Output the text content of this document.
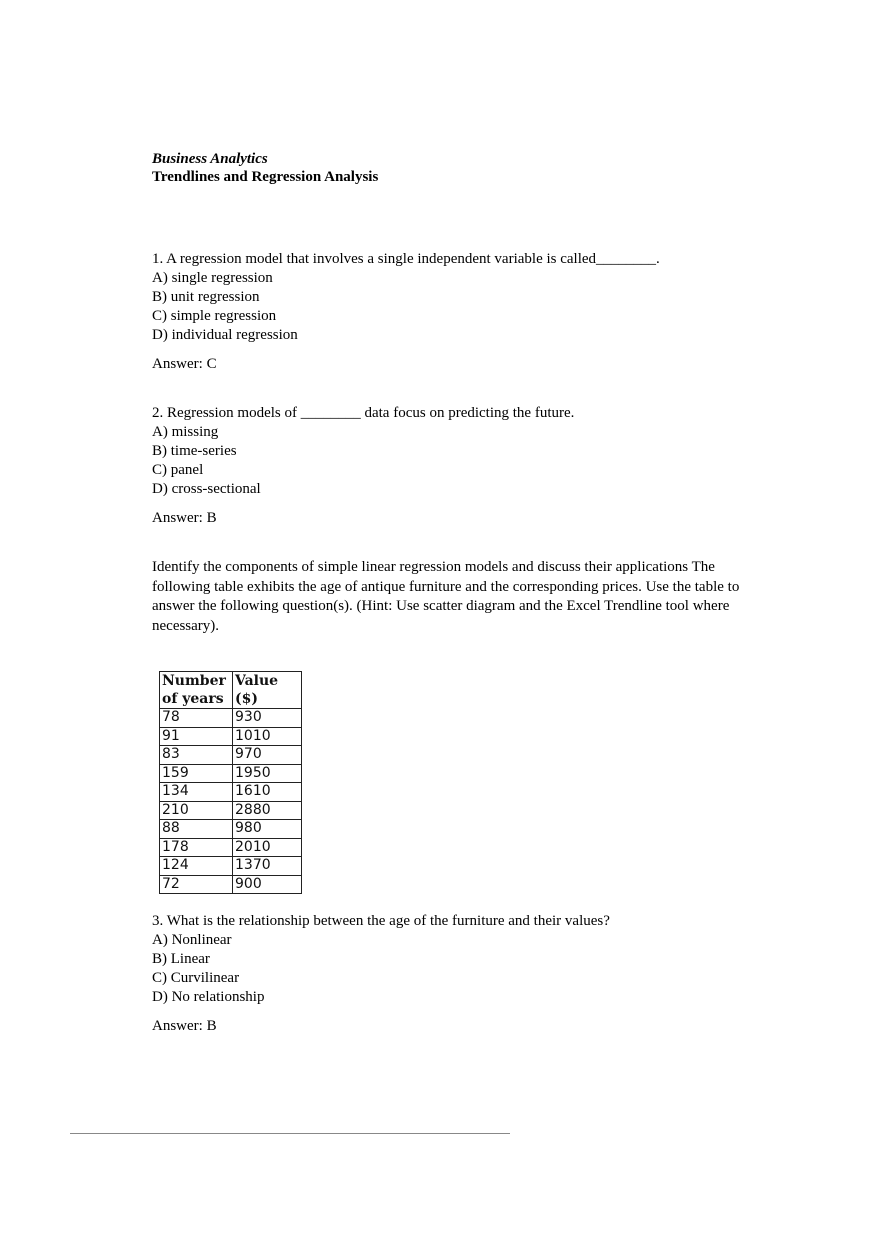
Business Analytics
Trendlines and Regression Analysis
1. A regression model that involves a single independent variable is called________.
A) single regression
B) unit regression
C) simple regression
D) individual regression
Answer: C
2. Regression models of ________ data focus on predicting the future.
A) missing
B) time-series
C) panel
D) cross-sectional
Answer: B
Identify the components of simple linear regression models and discuss their applications The following table exhibits the age of antique furniture and the corresponding prices. Use the table to answer the following question(s). (Hint: Use scatter diagram and the Excel Trendline tool where necessary).
Number of years	Value ($)
78	930
91	1010
83	970
159	1950
134	1610
210	2880
88	980
178	2010
124	1370
72	900
3. What is the relationship between the age of the furniture and their values?
A) Nonlinear
B) Linear
C) Curvilinear
D) No relationship
Answer: B
